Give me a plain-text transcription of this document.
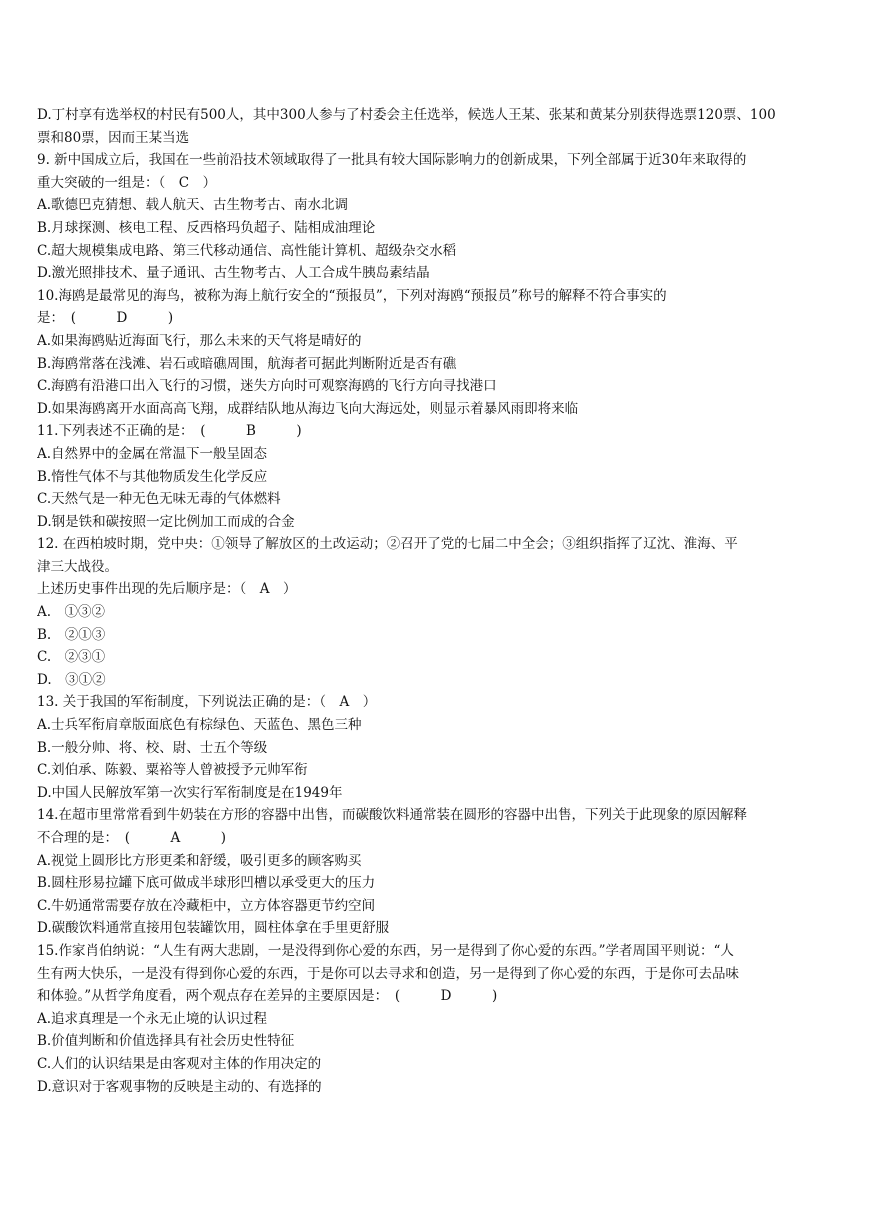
D.丁村享有选举权的村民有500人，其中300人参与了村委会主任选举，候选人王某、张某和黄某分别获得选票120票、100
票和80票，因而王某当选
9. 新中国成立后，我国在一些前沿技术领域取得了一批具有较大国际影响力的创新成果，下列全部属于近30年来取得的
重大突破的一组是：（　C　）
A.歌德巴克猜想、载人航天、古生物考古、南水北调
B.月球探测、核电工程、反西格玛负超子、陆相成油理论
C.超大规模集成电路、第三代移动通信、高性能计算机、超级杂交水稻
D.激光照排技术、量子通讯、古生物考古、人工合成牛胰岛素结晶
10.海鸥是最常见的海鸟，被称为海上航行安全的“预报员”，下列对海鸥“预报员”称号的解释不符合事实的
是：　(　　　D　　　)
A.如果海鸥贴近海面飞行，那么未来的天气将是晴好的
B.海鸥常落在浅滩、岩石或暗礁周围，航海者可据此判断附近是否有礁
C.海鸥有沿港口出入飞行的习惯，迷失方向时可观察海鸥的飞行方向寻找港口
D.如果海鸥离开水面高高飞翔，成群结队地从海边飞向大海远处，则显示着暴风雨即将来临
11.下列表述不正确的是：　(　　　B　　　)
A.自然界中的金属在常温下一般呈固态
B.惰性气体不与其他物质发生化学反应
C.天然气是一种无色无味无毒的气体燃料
D.钢是铁和碳按照一定比例加工而成的合金
12. 在西柏坡时期，党中央：①领导了解放区的土改运动；②召开了党的七届二中全会；③组织指挥了辽沈、淮海、平
津三大战役。
上述历史事件出现的先后顺序是：（　A　）
A.　①③②
B.　②①③
C.　②③①
D.　③①②
13. 关于我国的军衔制度，下列说法正确的是：（　A　）
A.士兵军衔肩章版面底色有棕绿色、天蓝色、黑色三种
B.一般分帅、将、校、尉、士五个等级
C.刘伯承、陈毅、粟裕等人曾被授予元帅军衔
D.中国人民解放军第一次实行军衔制度是在1949年
14.在超市里常常看到牛奶装在方形的容器中出售，而碳酸饮料通常装在圆形的容器中出售，下列关于此现象的原因解释
不合理的是：　(　　　A　　　)
A.视觉上圆形比方形更柔和舒缓，吸引更多的顾客购买
B.圆柱形易拉罐下底可做成半球形凹槽以承受更大的压力
C.牛奶通常需要存放在冷藏柜中，立方体容器更节约空间
D.碳酸饮料通常直接用包装罐饮用，圆柱体拿在手里更舒服
15.作家肖伯纳说：“人生有两大悲剧，一是没得到你心爱的东西，另一是得到了你心爱的东西。”学者周国平则说：“人
生有两大快乐，一是没有得到你心爱的东西，于是你可以去寻求和创造，另一是得到了你心爱的东西，于是你可去品味
和体验。”从哲学角度看，两个观点存在差异的主要原因是：　(　　　D　　　)
A.追求真理是一个永无止境的认识过程
B.价值判断和价值选择具有社会历史性特征
C.人们的认识结果是由客观对主体的作用决定的
D.意识对于客观事物的反映是主动的、有选择的
